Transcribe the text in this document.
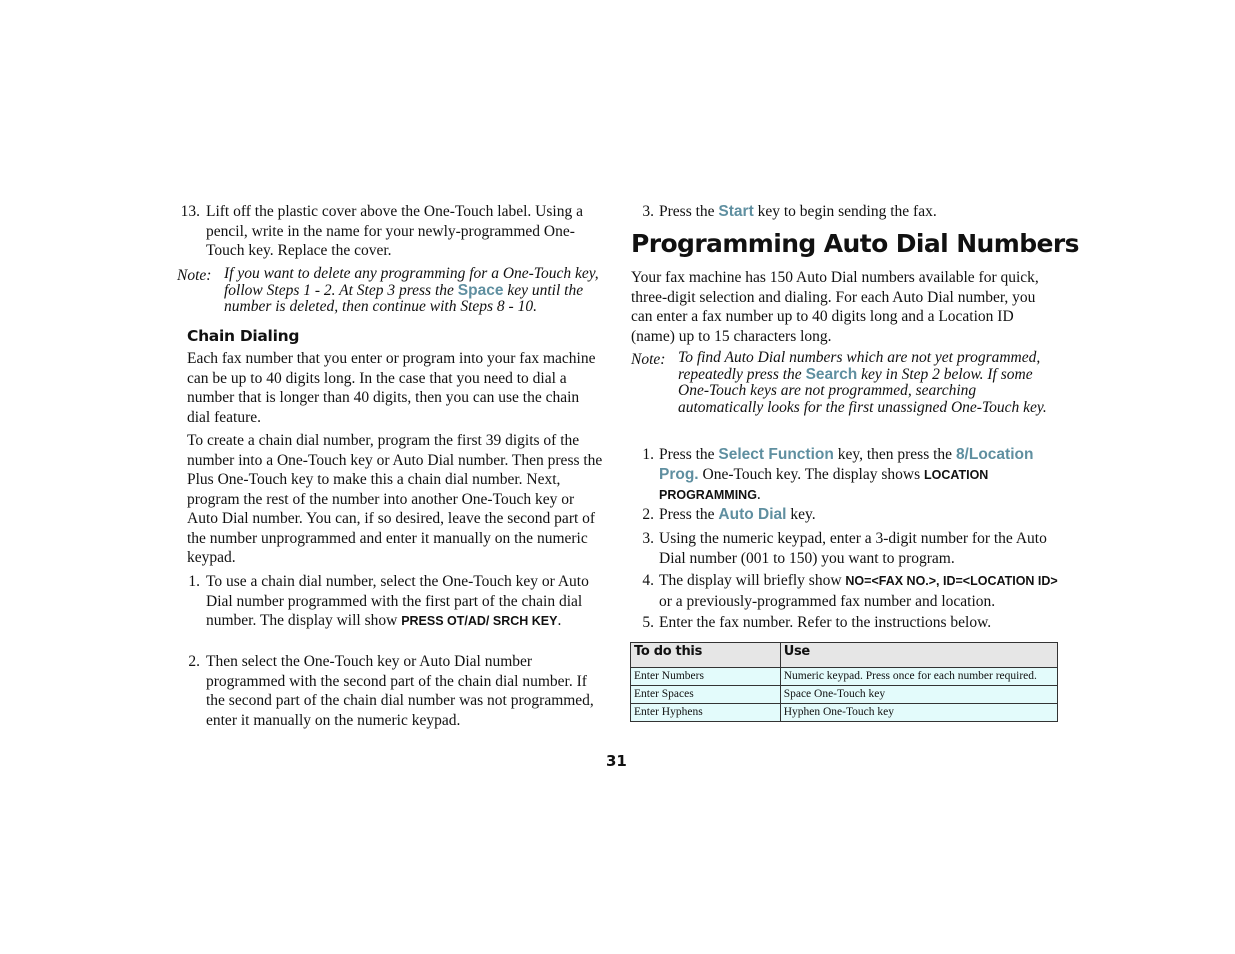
13. Lift off the plastic cover above the One-Touch label. Using a pencil, write in the name for your newly-programmed One-Touch key. Replace the cover.

Note: If you want to delete any programming for a One-Touch key, follow Steps 1 - 2. At Step 3 press the Space key until the number is deleted, then continue with Steps 8 - 10.

Chain Dialing

Each fax number that you enter or program into your fax machine can be up to 40 digits long. In the case that you need to dial a number that is longer than 40 digits, then you can use the chain dial feature.

To create a chain dial number, program the first 39 digits of the number into a One-Touch key or Auto Dial number. Then press the Plus One-Touch key to make this a chain dial number. Next, program the rest of the number into another One-Touch key or Auto Dial number. You can, if so desired, leave the second part of the number unprogrammed and enter it manually on the numeric keypad.

1. To use a chain dial number, select the One-Touch key or Auto Dial number programmed with the first part of the chain dial number. The display will show PRESS OT/AD/ SRCH KEY.

2. Then select the One-Touch key or Auto Dial number programmed with the second part of the chain dial number. If the second part of the chain dial number was not programmed, enter it manually on the numeric keypad.

3. Press the Start key to begin sending the fax.

Programming Auto Dial Numbers

Your fax machine has 150 Auto Dial numbers available for quick, three-digit selection and dialing. For each Auto Dial number, you can enter a fax number up to 40 digits long and a Location ID (name) up to 15 characters long.

Note: To find Auto Dial numbers which are not yet programmed, repeatedly press the Search key in Step 2 below. If some One-Touch keys are not programmed, searching automatically looks for the first unassigned One-Touch key.

1. Press the Select Function key, then press the 8/Location Prog. One-Touch key. The display shows LOCATION PROGRAMMING.

2. Press the Auto Dial key.

3. Using the numeric keypad, enter a 3-digit number for the Auto Dial number (001 to 150) you want to program.

4. The display will briefly show NO=<FAX NO.>, ID=<LOCATION ID> or a previously-programmed fax number and location.

5. Enter the fax number. Refer to the instructions below.

To do this	Use
Enter Numbers	Numeric keypad. Press once for each number required.
Enter Spaces	Space One-Touch key
Enter Hyphens	Hyphen One-Touch key
31
